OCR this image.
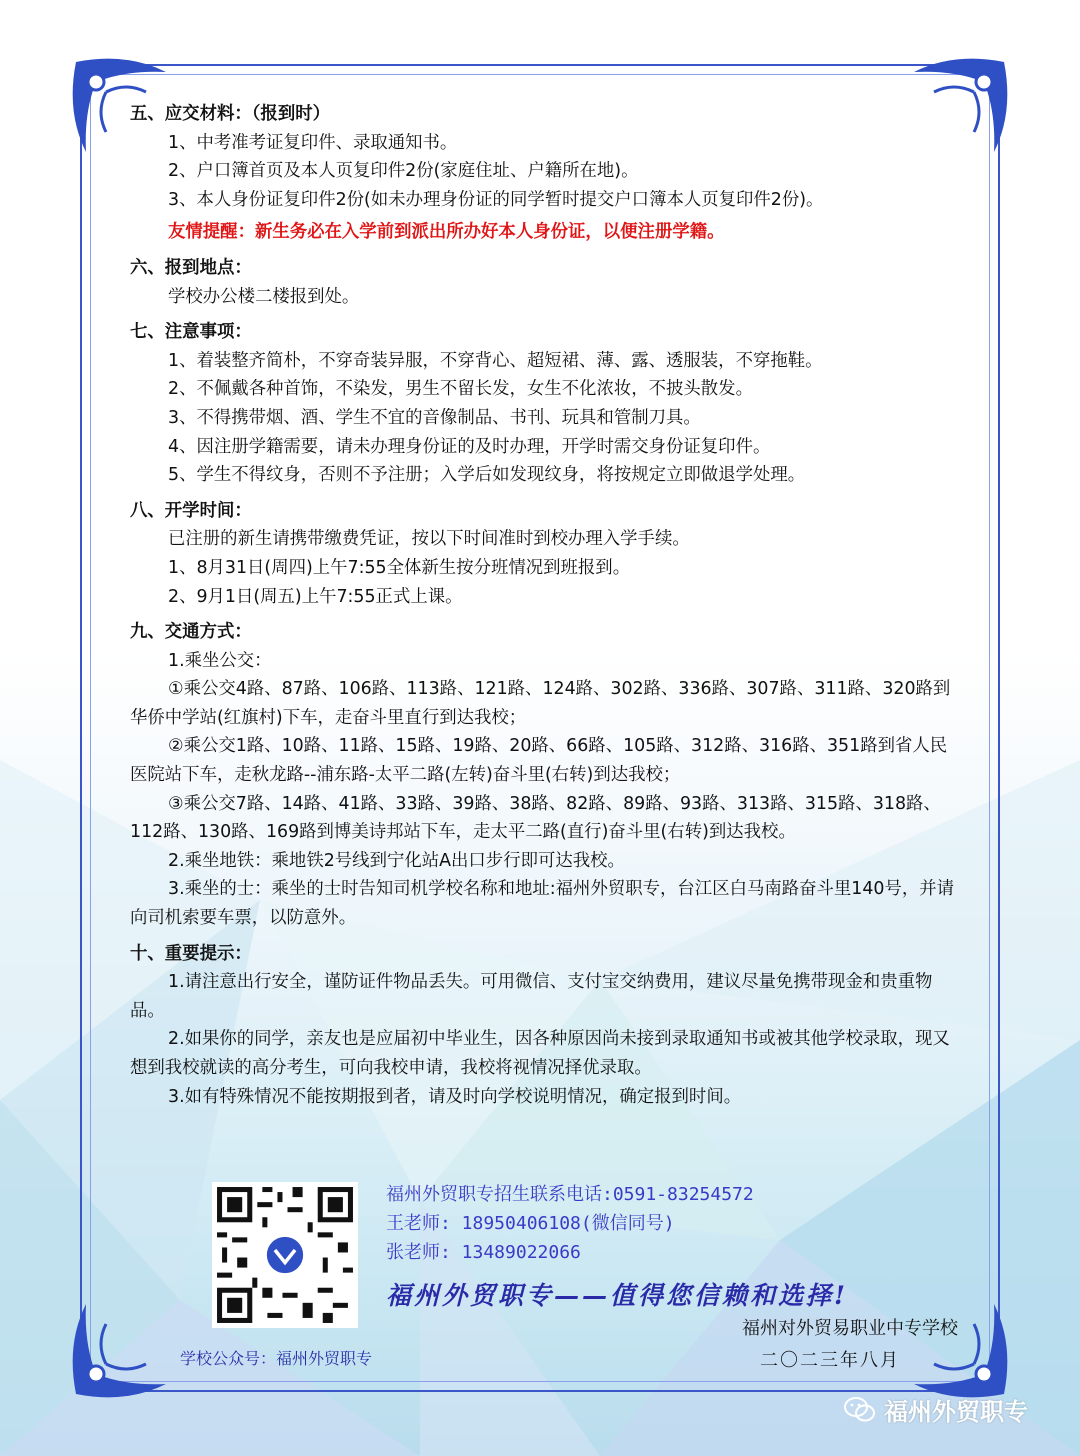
五、应交材料：（报到时）
1、中考准考证复印件、录取通知书。
2、户口簿首页及本人页复印件2份(家庭住址、户籍所在地)。
3、本人身份证复印件2份(如未办理身份证的同学暂时提交户口簿本人页复印件2份)。
友情提醒：新生务必在入学前到派出所办好本人身份证，以便注册学籍。
六、报到地点：
学校办公楼二楼报到处。
七、注意事项：
1、着装整齐简朴，不穿奇装异服，不穿背心、超短裙、薄、露、透服装，不穿拖鞋。
2、不佩戴各种首饰，不染发，男生不留长发，女生不化浓妆，不披头散发。
3、不得携带烟、酒、学生不宜的音像制品、书刊、玩具和管制刀具。
4、因注册学籍需要，请未办理身份证的及时办理，开学时需交身份证复印件。
5、学生不得纹身，否则不予注册；入学后如发现纹身，将按规定立即做退学处理。
八、开学时间：
已注册的新生请携带缴费凭证，按以下时间准时到校办理入学手续。
1、8月31日(周四)上午7:55全体新生按分班情况到班报到。
2、9月1日(周五)上午7:55正式上课。
九、交通方式：
1.乘坐公交：
①乘公交4路、87路、106路、113路、121路、124路、302路、336路、307路、311路、320路到华侨中学站(红旗村)下车，走奋斗里直行到达我校；
②乘公交1路、10路、11路、15路、19路、20路、66路、105路、312路、316路、351路到省人民医院站下车，走秋龙路--浦东路-太平二路(左转)奋斗里(右转)到达我校；
③乘公交7路、14路、41路、33路、39路、38路、82路、89路、93路、313路、315路、318路、112路、130路、169路到博美诗邦站下车，走太平二路(直行)奋斗里(右转)到达我校。
2.乘坐地铁：乘地铁2号线到宁化站A出口步行即可达我校。
3.乘坐的士：乘坐的士时告知司机学校名称和地址:福州外贸职专，台江区白马南路奋斗里140号，并请向司机索要车票，以防意外。
十、重要提示：
1.请注意出行安全，谨防证件物品丢失。可用微信、支付宝交纳费用，建议尽量免携带现金和贵重物品。
2.如果你的同学，亲友也是应届初中毕业生，因各种原因尚未接到录取通知书或被其他学校录取，现又想到我校就读的高分考生，可向我校申请，我校将视情况择优录取。
3.如有特殊情况不能按期报到者，请及时向学校说明情况，确定报到时间。
福州外贸职专招生联系电话:0591-83254572
王老师: 18950406108(微信同号)
张老师: 13489022066
福州外贸职专——值得您信赖和选择!
福州对外贸易职业中专学校
二〇二三年八月
学校公众号：福州外贸职专
福州外贸职专
